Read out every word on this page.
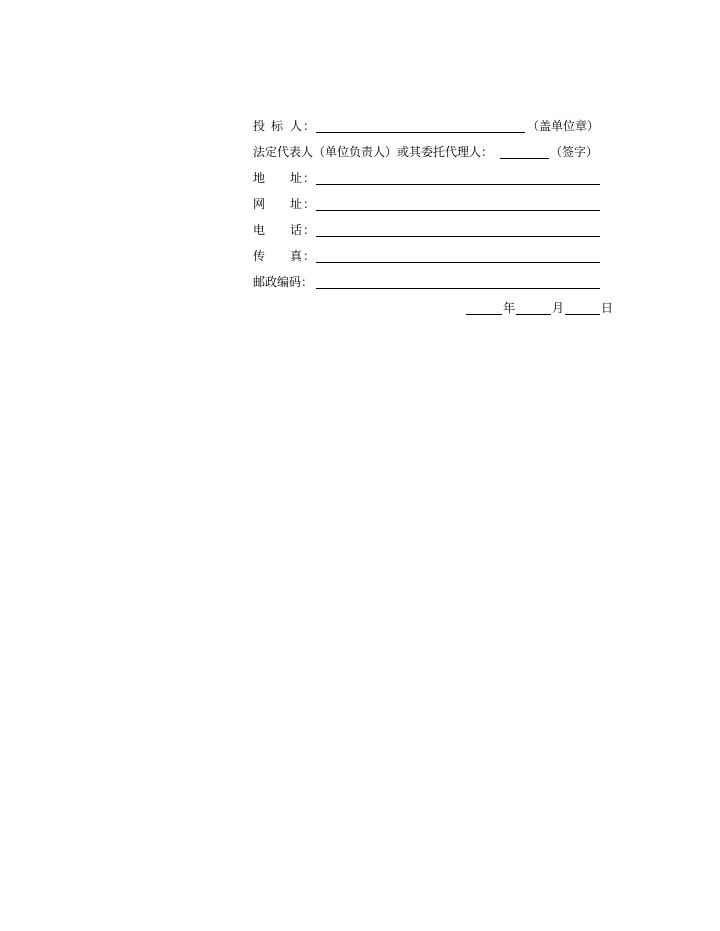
投 标 人 ：	（盖单位章）
法定代表人（单位负责人）或其委托代理人：	（签字）
地 址 ：
网 址 ：
电 话 ：
传 真 ：
邮政编码：
年	月	日
